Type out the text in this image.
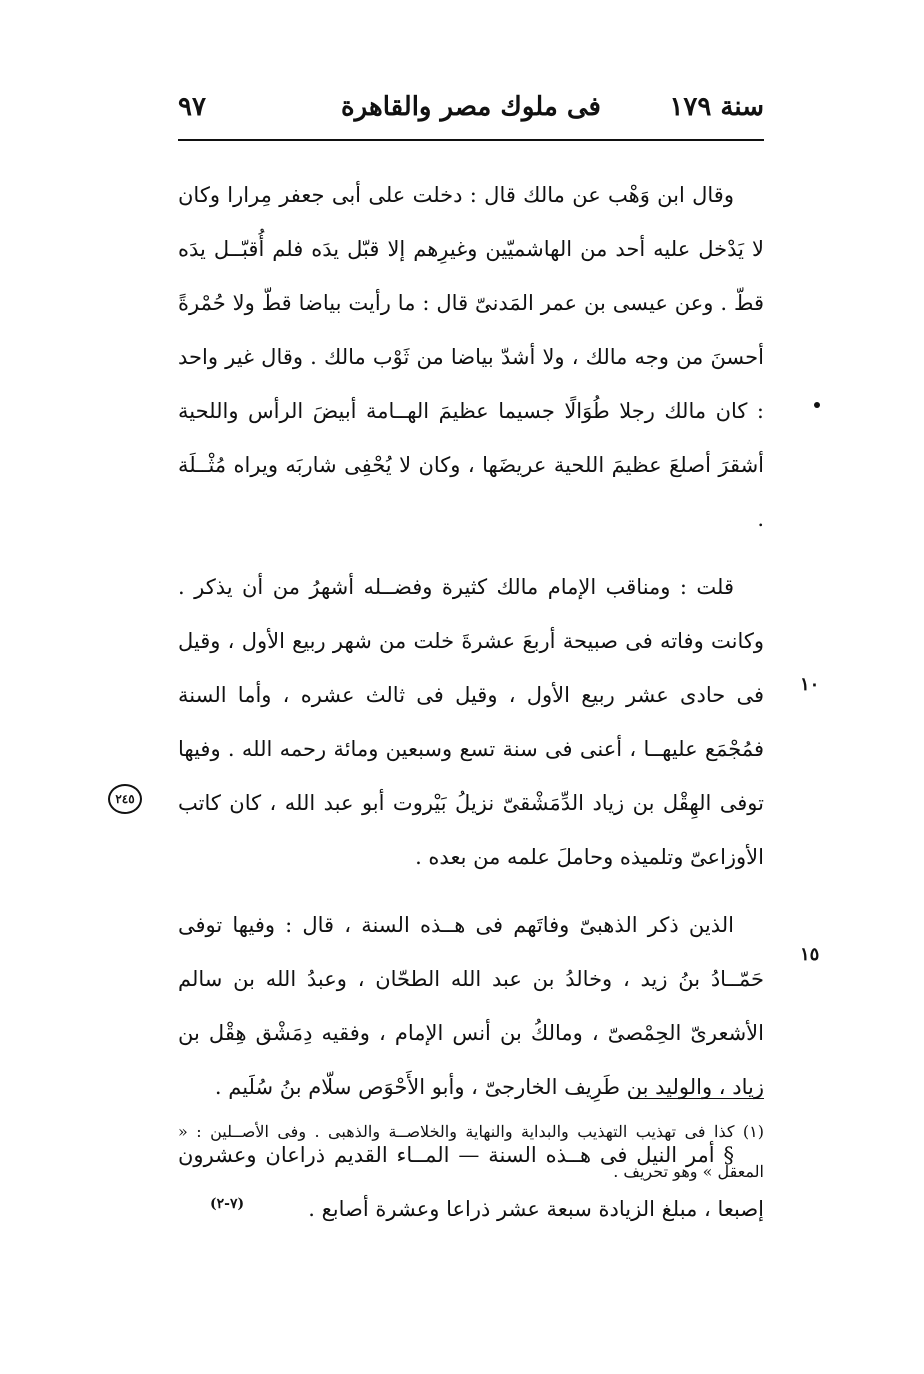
سنة ١٧٩
فى ملوك مصر والقاهرة
٩٧
١٠
٢٤٥
١٥

وقال ابن وَهْب عن مالك قال : دخلت على أبى جعفر مِرارا وكان لا يَدْخل عليه أحد من الهاشميّين وغيرِهم إلا قبّل يدَه فلم أُقبّــل يدَه قطّ . وعن عيسى بن عمر المَدنىّ قال : ما رأيت بياضا قطّ ولا حُمْرةً أحسنَ من وجه مالك ، ولا أشدّ بياضا من ثَوْب مالك . وقال غير واحد : كان مالك رجلا طُوَالًا جسيما عظيمَ الهــامة أبيضَ الرأس واللحية أشقرَ أصلعَ عظيمَ اللحية عريضَها ، وكان لا يُحْفِى شاربَه ويراه مُثْــلَة .

قلت : ومناقب الإمام مالك كثيرة وفضــله أشهرُ من أن يذكر . وكانت وفاته فى صبيحة أربعَ عشرةَ خلت من شهر ربيع الأول ، وقيل فى حادى عشر ربيع الأول ، وقيل فى ثالث عشره ، وأما السنة فمُجْمَع عليهــا ، أعنى فى سنة تسع وسبعين ومائة رحمه الله . وفيها توفى الهِقْل بن زياد الدِّمَشْقىّ نزيلُ بَيْروت أبو عبد الله ، كان كاتب الأوزاعىّ وتلميذه وحاملَ علمه من بعده .

الذين ذكر الذهبىّ وفاتَهم فى هــذه السنة ، قال : وفيها توفى حَمّــادُ بنُ زيد ، وخالدُ بن عبد الله الطحّان ، وعبدُ الله بن سالم الأشعرىّ الحِمْصىّ ، ومالكُ بن أنس الإمام ، وفقيه دِمَشْق هِقْل بن زياد ، والوليد بن طَرِيف الخارجىّ ، وأبو الأَحْوَص سلّام بنُ سُلَيم .

§ أمر النيل فى هــذه السنة — المــاء القديم ذراعان وعشرون إصبعا ، مبلغ الزيادة سبعة عشر ذراعا وعشرة أصابع .

(١) كذا فى تهذيب التهذيب والبداية والنهاية والخلاصــة والذهبى . وفى الأصــلين : « المعقل » وهو تحريف .

(٧-٢)
